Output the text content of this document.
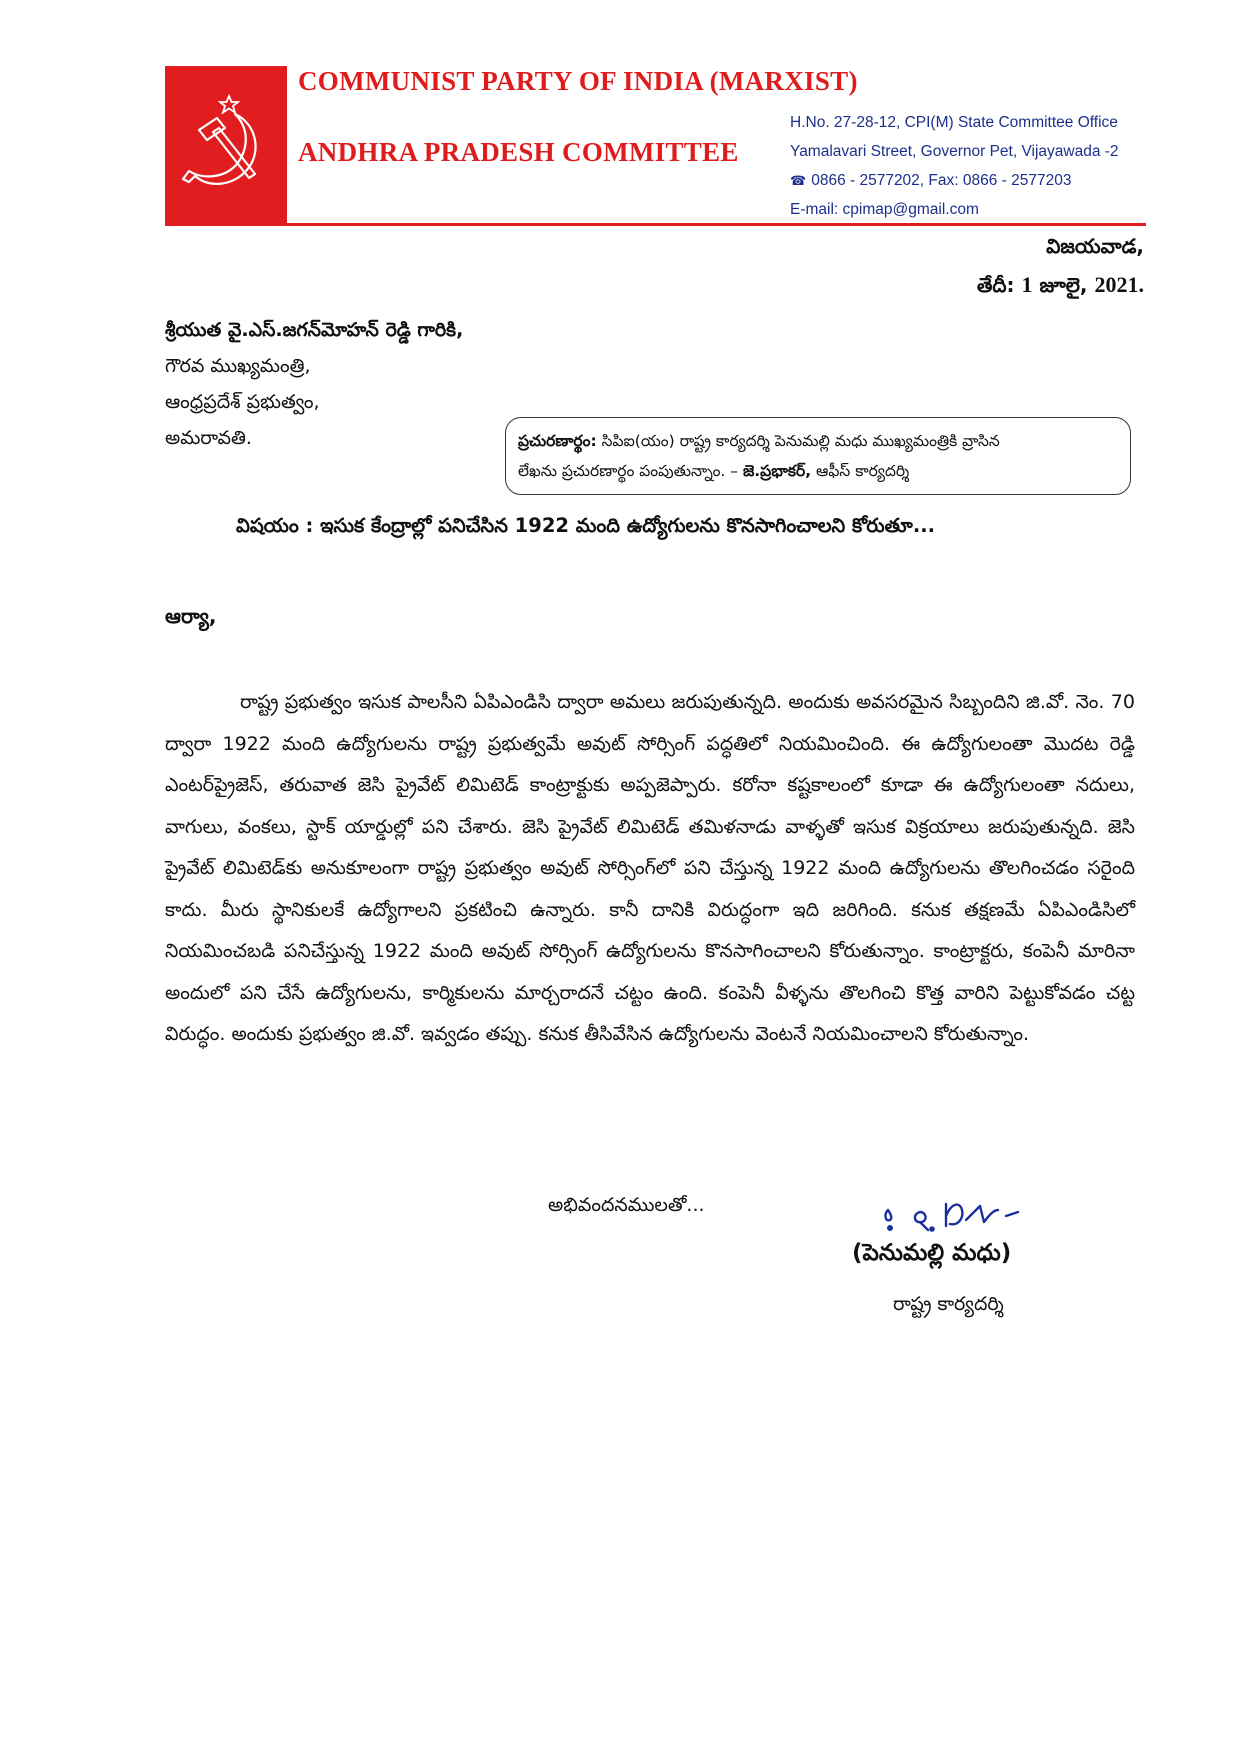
COMMUNIST PARTY OF INDIA (MARXIST)
ANDHRA PRADESH COMMITTEE
H.No. 27-28-12, CPI(M) State Committee Office
Yamalavari Street, Governor Pet, Vijayawada -2
☎ 0866 - 2577202, Fax: 0866 - 2577203
E-mail: cpimap@gmail.com
విజయవాడ,
తేదీ: 1 జూలై, 2021.
శ్రీయుత వై.ఎస్.జగన్‌మోహన్ రెడ్డి గారికి,
గౌరవ ముఖ్యమంత్రి,
ఆంధ్రప్రదేశ్ ప్రభుత్వం,
అమరావతి.	ప్రచురణార్థం: సిపిఐ(యం) రాష్ట్ర కార్యదర్శి పెనుమల్లి మధు ముఖ్యమంత్రికి వ్రాసిన
లేఖను ప్రచురణార్థం పంపుతున్నాం. – జె.ప్రభాకర్, ఆఫీస్ కార్యదర్శి
విషయం : ఇసుక కేంద్రాల్లో పనిచేసిన 1922 మంది ఉద్యోగులను కొనసాగించాలని కోరుతూ...
ఆర్యా,
రాష్ట్ర ప్రభుత్వం ఇసుక పాలసీని ఏపిఎండిసి ద్వారా అమలు జరుపుతున్నది. అందుకు అవసరమైన సిబ్బందిని జి.వో. నెం. 70 ద్వారా 1922 మంది ఉద్యోగులను రాష్ట్ర ప్రభుత్వమే అవుట్ సోర్సింగ్ పద్ధతిలో నియమించింది. ఈ ఉద్యోగులంతా మొదట రెడ్డి ఎంటర్‌ప్రైజెస్, తరువాత జెసి ప్రైవేట్ లిమిటెడ్ కాంట్రాక్టుకు అప్పజెప్పారు. కరోనా కష్టకాలంలో కూడా ఈ ఉద్యోగులంతా నదులు, వాగులు, వంకలు, స్టాక్ యార్డుల్లో పని చేశారు. జెసి ప్రైవేట్ లిమిటెడ్ తమిళనాడు వాళ్ళతో ఇసుక విక్రయాలు జరుపుతున్నది. జెసి ప్రైవేట్ లిమిటెడ్‌కు అనుకూలంగా రాష్ట్ర ప్రభుత్వం అవుట్ సోర్సింగ్‌లో పని చేస్తున్న 1922 మంది ఉద్యోగులను తొలగించడం సరైంది కాదు. మీరు స్థానికులకే ఉద్యోగాలని ప్రకటించి ఉన్నారు. కానీ దానికి విరుద్ధంగా ఇది జరిగింది. కనుక తక్షణమే ఏపిఎండిసిలో నియమించబడి పనిచేస్తున్న 1922 మంది అవుట్ సోర్సింగ్ ఉద్యోగులను కొనసాగించాలని కోరుతున్నాం. కాంట్రాక్టరు, కంపెనీ మారినా అందులో పని చేసే ఉద్యోగులను, కార్మికులను మార్చరాదనే చట్టం ఉంది. కంపెనీ వీళ్ళను తొలగించి కొత్త వారిని పెట్టుకోవడం చట్ట విరుద్ధం. అందుకు ప్రభుత్వం జి.వో. ఇవ్వడం తప్పు. కనుక తీసివేసిన ఉద్యోగులను వెంటనే నియమించాలని కోరుతున్నాం.
అభివందనములతో...
(పెనుమల్లి మధు)
రాష్ట్ర కార్యదర్శి
